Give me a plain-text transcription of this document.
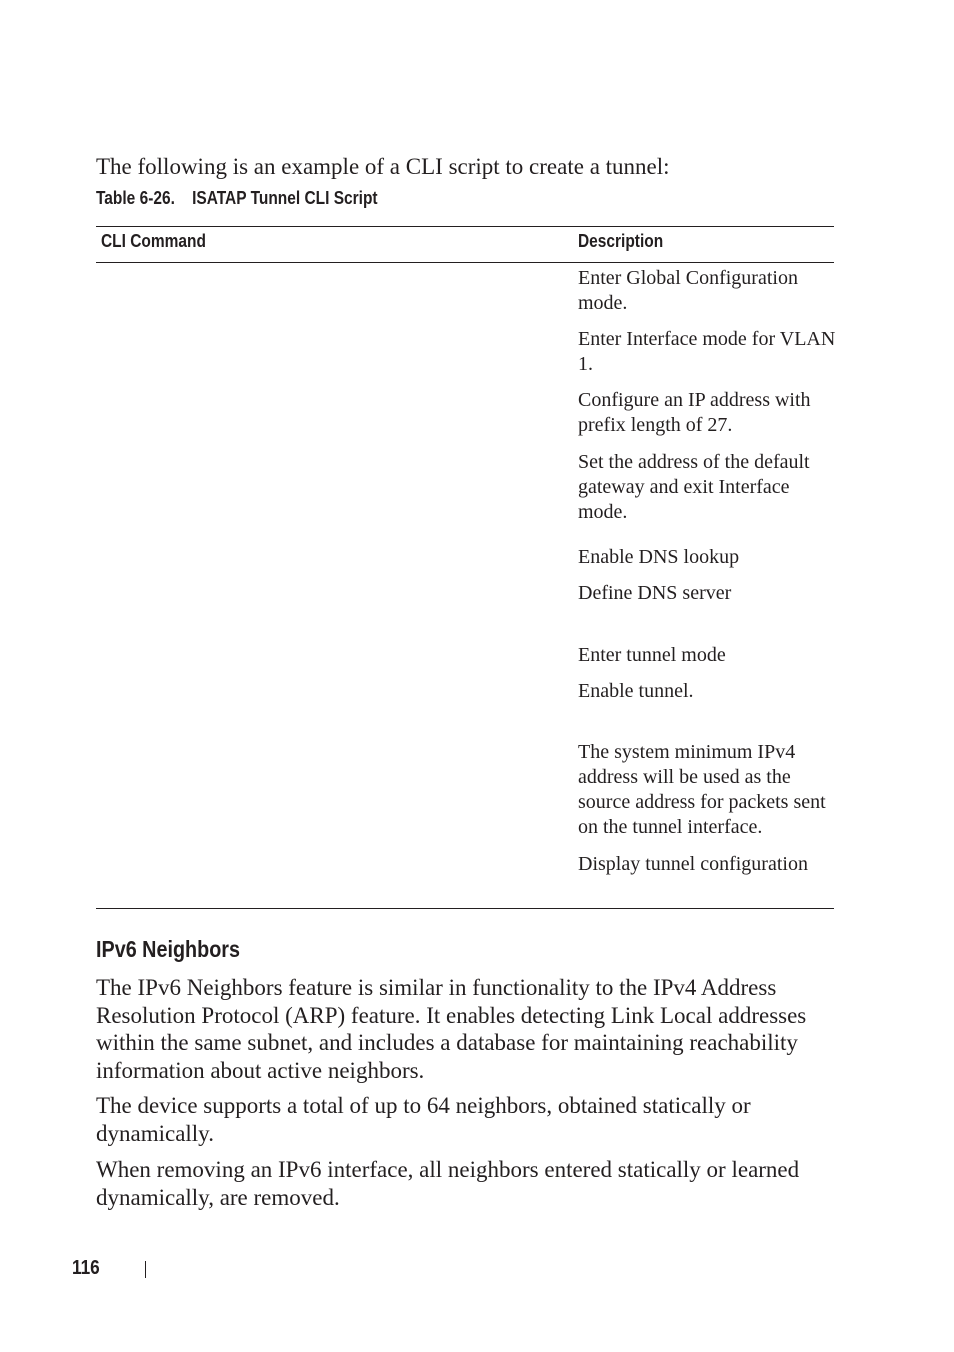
The following is an example of a CLI script to create a tunnel:
Table 6-26. ISATAP Tunnel CLI Script
CLI Command	Description
Enter Global Configuration mode.
Enter Interface mode for VLAN 1.
Configure an IP address with prefix length of 27.
Set the address of the default gateway and exit Interface mode.
Enable DNS lookup
Define DNS server
Enter tunnel mode
Enable tunnel.
The system minimum IPv4 address will be used as the source address for packets sent on the tunnel interface.
Display tunnel configuration
IPv6 Neighbors
The IPv6 Neighbors feature is similar in functionality to the IPv4 Address Resolution Protocol (ARP) feature. It enables detecting Link Local addresses within the same subnet, and includes a database for maintaining reachability information about active neighbors.
The device supports a total of up to 64 neighbors, obtained statically or dynamically.
When removing an IPv6 interface, all neighbors entered statically or learned dynamically, are removed.
116
